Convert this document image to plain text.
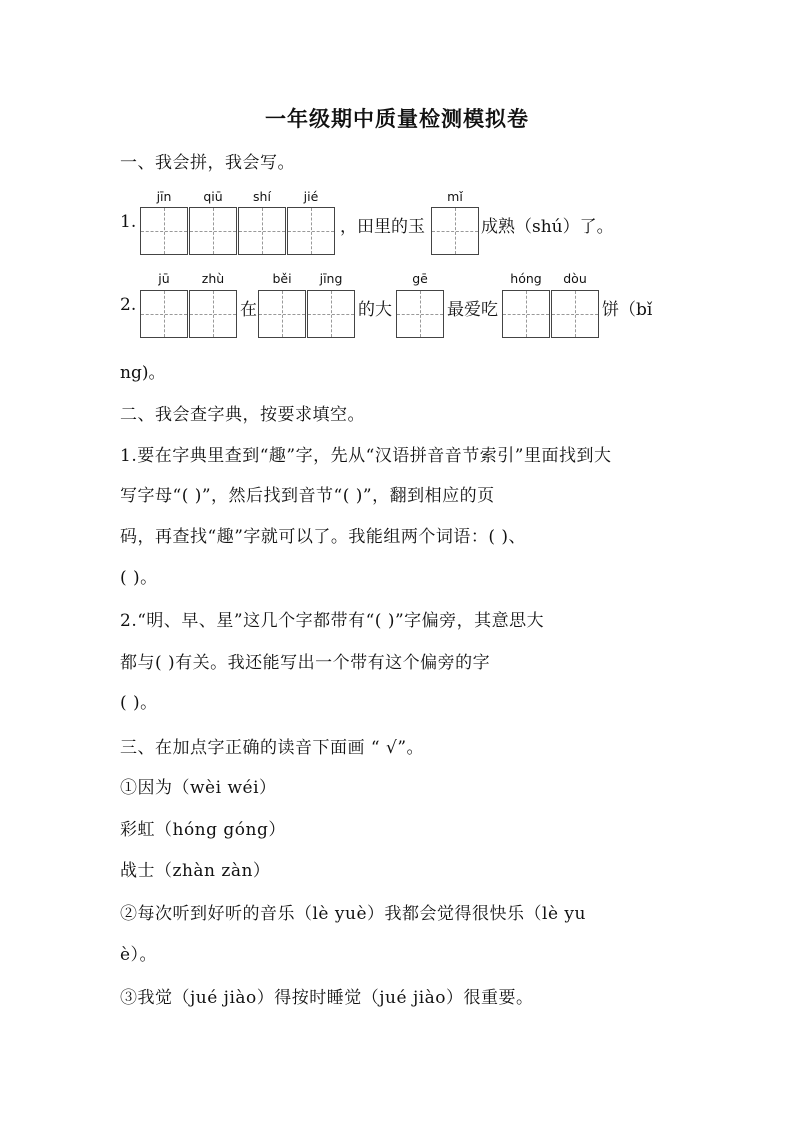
一年级期中质量检测模拟卷
一、我会拼，我会写。
1.
jīn	qiū	shí	jié
，田里的玉
mǐ
成熟（shú）了。
2.
jū	zhù
在
běi	jīng
的大
gē
最爱吃
hóng	dòu
饼（bǐ
ng)。
二、我会查字典，按要求填空。
1.要在字典里查到“趣”字，先从“汉语拼音音节索引”里面找到大
写字母“( )”，然后找到音节“( )”，翻到相应的页
码，再查找“趣”字就可以了。我能组两个词语：( )、
( )。
2.“明、早、星”这几个字都带有“( )”字偏旁，其意思大
都与( )有关。我还能写出一个带有这个偏旁的字
( )。
三、在加点字正确的读音下面画 “ √”。
①因为（wèi wéi）
彩虹（hóng góng）
战士（zhàn zàn）
②每次听到好听的音乐（lè yuè）我都会觉得很快乐（lè yu
è）。
③我觉（jué jiào）得按时睡觉（jué jiào）很重要。
